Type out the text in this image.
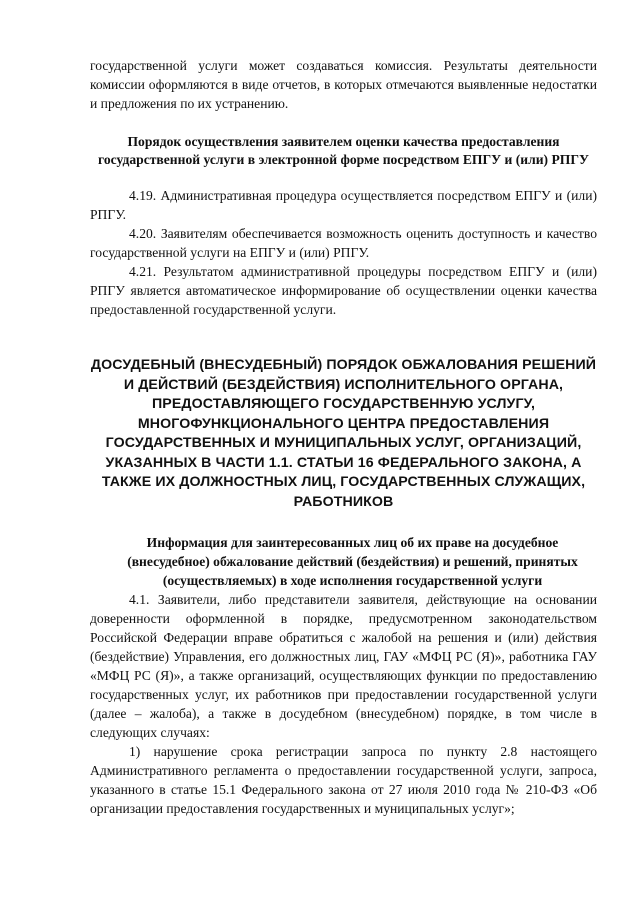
государственной услуги может создаваться комиссия. Результаты деятельности комиссии оформляются в виде отчетов, в которых отмечаются выявленные недостатки и предложения по их устранению.

Порядок осуществления заявителем оценки качества предоставления государственной услуги в электронной форме посредством ЕПГУ и (или) РПГУ

4.19. Административная процедура осуществляется посредством ЕПГУ и (или) РПГУ.

4.20. Заявителям обеспечивается возможность оценить доступность и качество государственной услуги на ЕПГУ и (или) РПГУ.

4.21. Результатом административной процедуры посредством ЕПГУ и (или) РПГУ является автоматическое информирование об осуществлении оценки качества предоставленной государственной услуги.

ДОСУДЕБНЫЙ (ВНЕСУДЕБНЫЙ) ПОРЯДОК ОБЖАЛОВАНИЯ РЕШЕНИЙ И ДЕЙСТВИЙ (БЕЗДЕЙСТВИЯ) ИСПОЛНИТЕЛЬНОГО ОРГАНА, ПРЕДОСТАВЛЯЮЩЕГО ГОСУДАРСТВЕННУЮ УСЛУГУ, МНОГОФУНКЦИОНАЛЬНОГО ЦЕНТРА ПРЕДОСТАВЛЕНИЯ ГОСУДАРСТВЕННЫХ И МУНИЦИПАЛЬНЫХ УСЛУГ, ОРГАНИЗАЦИЙ, УКАЗАННЫХ В ЧАСТИ 1.1. СТАТЬИ 16 ФЕДЕРАЛЬНОГО ЗАКОНА, А ТАКЖЕ ИХ ДОЛЖНОСТНЫХ ЛИЦ, ГОСУДАРСТВЕННЫХ СЛУЖАЩИХ, РАБОТНИКОВ

Информация для заинтересованных лиц об их праве на досудебное (внесудебное) обжалование действий (бездействия) и решений, принятых (осуществляемых) в ходе исполнения государственной услуги

4.1. Заявители, либо представители заявителя, действующие на основании доверенности оформленной в порядке, предусмотренном законодательством Российской Федерации вправе обратиться с жалобой на решения и (или) действия (бездействие) Управления, его должностных лиц, ГАУ «МФЦ РС (Я)», работника ГАУ «МФЦ РС (Я)», а также организаций, осуществляющих функции по предоставлению государственных услуг, их работников при предоставлении государственной услуги (далее – жалоба), а также в досудебном (внесудебном) порядке, в том числе в следующих случаях:

1) нарушение срока регистрации запроса по пункту 2.8 настоящего Административного регламента о предоставлении государственной услуги, запроса, указанного в статье 15.1 Федерального закона от 27 июля 2010 года № 210-ФЗ «Об организации предоставления государственных и муниципальных услуг»;
